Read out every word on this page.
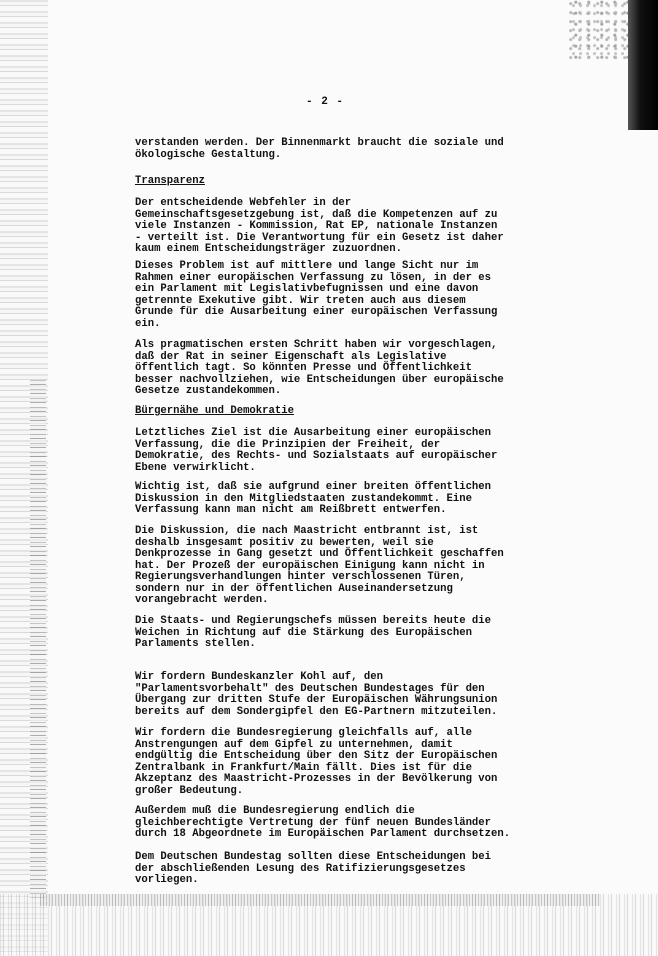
- 2 -
verstanden werden. Der Binnenmarkt braucht die soziale und
ökologische Gestaltung.
Transparenz
Der entscheidende Webfehler in der
Gemeinschaftsgesetzgebung ist, daß die Kompetenzen auf zu
viele Instanzen - Kommission, Rat EP, nationale Instanzen
- verteilt ist. Die Verantwortung für ein Gesetz ist daher
kaum einem Entscheidungsträger zuzuordnen.
Dieses Problem ist auf mittlere und lange Sicht nur im
Rahmen einer europäischen Verfassung zu lösen, in der es
ein Parlament mit Legislativbefugnissen und eine davon
getrennte Exekutive gibt. Wir treten auch aus diesem
Grunde für die Ausarbeitung einer europäischen Verfassung
ein.
Als pragmatischen ersten Schritt haben wir vorgeschlagen,
daß der Rat in seiner Eigenschaft als Legislative
öffentlich tagt. So könnten Presse und Öffentlichkeit
besser nachvollziehen, wie Entscheidungen über europäische
Gesetze zustandekommen.
Bürgernähe und Demokratie
Letztliches Ziel ist die Ausarbeitung einer europäischen
Verfassung, die die Prinzipien der Freiheit, der
Demokratie, des Rechts- und Sozialstaats auf europäischer
Ebene verwirklicht.
Wichtig ist, daß sie aufgrund einer breiten öffentlichen
Diskussion in den Mitgliedstaaten zustandekommt. Eine
Verfassung kann man nicht am Reißbrett entwerfen.
Die Diskussion, die nach Maastricht entbrannt ist, ist
deshalb insgesamt positiv zu bewerten, weil sie
Denkprozesse in Gang gesetzt und Öffentlichkeit geschaffen
hat. Der Prozeß der europäischen Einigung kann nicht in
Regierungsverhandlungen hinter verschlossenen Türen,
sondern nur in der öffentlichen Auseinandersetzung
vorangebracht werden.
Die Staats- und Regierungschefs müssen bereits heute die
Weichen in Richtung auf die Stärkung des Europäischen
Parlaments stellen.
Wir fordern Bundeskanzler Kohl auf, den
"Parlamentsvorbehalt" des Deutschen Bundestages für den
Übergang zur dritten Stufe der Europäischen Währungsunion
bereits auf dem Sondergipfel den EG-Partnern mitzuteilen.
Wir fordern die Bundesregierung gleichfalls auf, alle
Anstrengungen auf dem Gipfel zu unternehmen, damit
endgültig die Entscheidung über den Sitz der Europäischen
Zentralbank in Frankfurt/Main fällt. Dies ist für die
Akzeptanz des Maastricht-Prozesses in der Bevölkerung von
großer Bedeutung.
Außerdem muß die Bundesregierung endlich die
gleichberechtigte Vertretung der fünf neuen Bundesländer
durch 18 Abgeordnete im Europäischen Parlament durchsetzen.
Dem Deutschen Bundestag sollten diese Entscheidungen bei
der abschließenden Lesung des Ratifizierungsgesetzes
vorliegen.
